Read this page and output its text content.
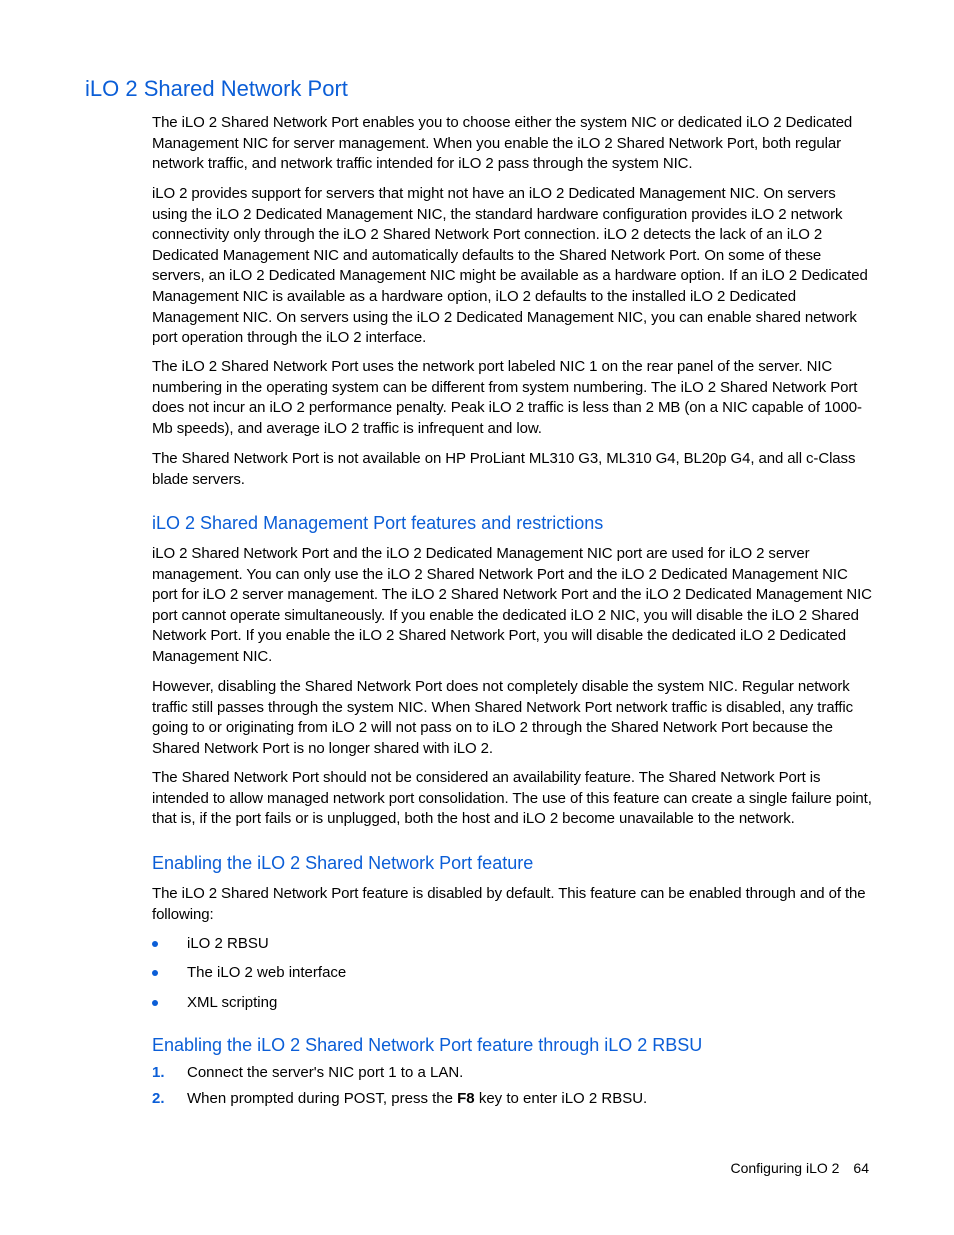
iLO 2 Shared Network Port

The iLO 2 Shared Network Port enables you to choose either the system NIC or dedicated iLO 2 Dedicated Management NIC for server management. When you enable the iLO 2 Shared Network Port, both regular network traffic, and network traffic intended for iLO 2 pass through the system NIC.

iLO 2 provides support for servers that might not have an iLO 2 Dedicated Management NIC. On servers using the iLO 2 Dedicated Management NIC, the standard hardware configuration provides iLO 2 network connectivity only through the iLO 2 Shared Network Port connection. iLO 2 detects the lack of an iLO 2 Dedicated Management NIC and automatically defaults to the Shared Network Port. On some of these servers, an iLO 2 Dedicated Management NIC might be available as a hardware option. If an iLO 2 Dedicated Management NIC is available as a hardware option, iLO 2 defaults to the installed iLO 2 Dedicated Management NIC. On servers using the iLO 2 Dedicated Management NIC, you can enable shared network port operation through the iLO 2 interface.

The iLO 2 Shared Network Port uses the network port labeled NIC 1 on the rear panel of the server. NIC numbering in the operating system can be different from system numbering. The iLO 2 Shared Network Port does not incur an iLO 2 performance penalty. Peak iLO 2 traffic is less than 2 MB (on a NIC capable of 1000-Mb speeds), and average iLO 2 traffic is infrequent and low.

The Shared Network Port is not available on HP ProLiant ML310 G3, ML310 G4, BL20p G4, and all c-Class blade servers.

iLO 2 Shared Management Port features and restrictions

iLO 2 Shared Network Port and the iLO 2 Dedicated Management NIC port are used for iLO 2 server management. You can only use the iLO 2 Shared Network Port and the iLO 2 Dedicated Management NIC port for iLO 2 server management. The iLO 2 Shared Network Port and the iLO 2 Dedicated Management NIC port cannot operate simultaneously. If you enable the dedicated iLO 2 NIC, you will disable the iLO 2 Shared Network Port. If you enable the iLO 2 Shared Network Port, you will disable the dedicated iLO 2 Dedicated Management NIC.

However, disabling the Shared Network Port does not completely disable the system NIC. Regular network traffic still passes through the system NIC. When Shared Network Port network traffic is disabled, any traffic going to or originating from iLO 2 will not pass on to iLO 2 through the Shared Network Port because the Shared Network Port is no longer shared with iLO 2.

The Shared Network Port should not be considered an availability feature. The Shared Network Port is intended to allow managed network port consolidation. The use of this feature can create a single failure point, that is, if the port fails or is unplugged, both the host and iLO 2 become unavailable to the network.

Enabling the iLO 2 Shared Network Port feature

The iLO 2 Shared Network Port feature is disabled by default. This feature can be enabled through and of the following:

iLO 2 RBSU
The iLO 2 web interface
XML scripting
Enabling the iLO 2 Shared Network Port feature through iLO 2 RBSU
1. Connect the server's NIC port 1 to a LAN.
2. When prompted during POST, press the F8 key to enter iLO 2 RBSU.
Configuring iLO 2 64
